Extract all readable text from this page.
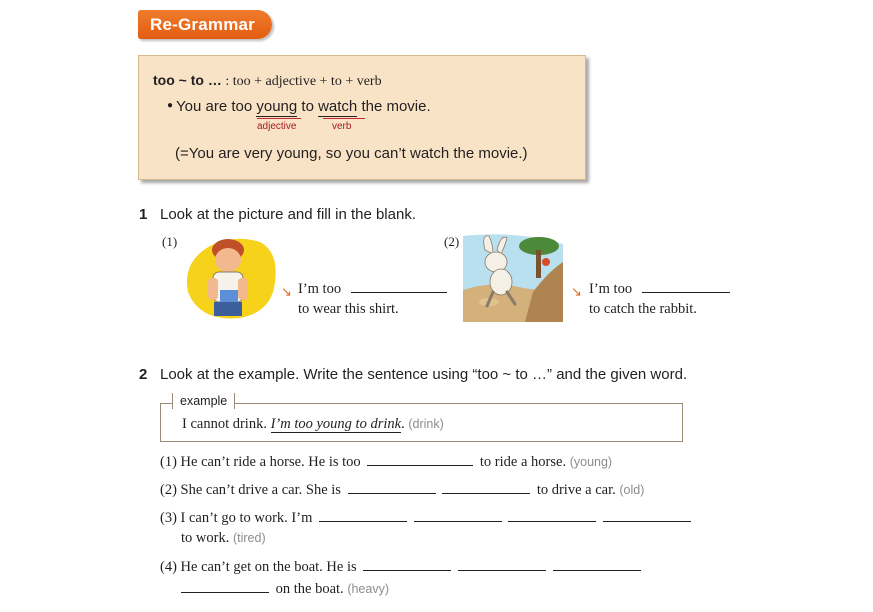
Re-Grammar
too ~ to … : too + adjective + to + verb
● You are too young to watch the movie.
adjective	verb
(=You are very young, so you can’t watch the movie.)
1 Look at the picture and fill in the blank.
(1)
↘ I’m too
to wear this shirt.
(2)
↘ I’m too
to catch the rabbit.
2 Look at the example. Write the sentence using “too ~ to …” and the given word.
example
I cannot drink. I’m too young to drink. (drink)
(1) He can’t ride a horse. He is too	to ride a horse. (young)
(2) She can’t drive a car. She is	to drive a car. (old)
(3) I can’t go to work. I’m
to work. (tired)
(4) He can’t get on the boat. He is
on the boat. (heavy)
